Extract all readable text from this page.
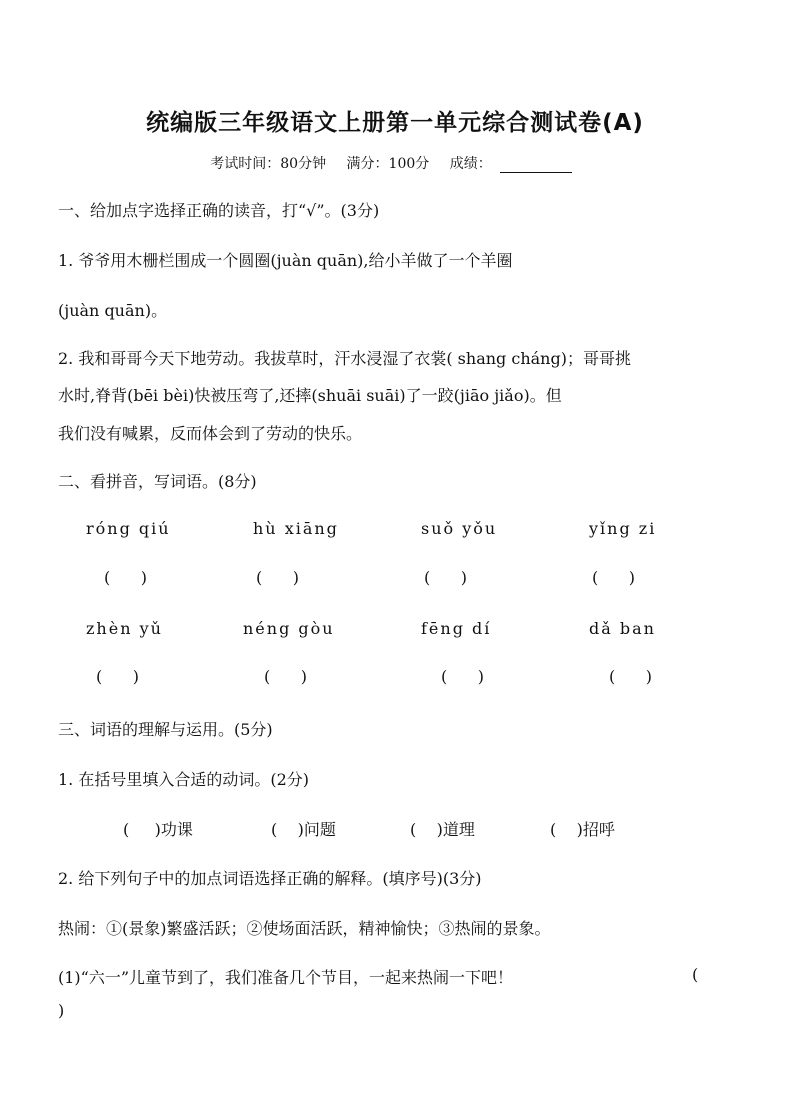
统编版三年级语文上册第一单元综合测试卷(A)
考试时间：80分钟 满分：100分 成绩：
一、给加点字选择正确的读音，打“√”。(3分)
1. 爷爷用木栅栏围成一个圆圈(juàn quān),给小羊做了一个羊圈
(juàn quān)。
2. 我和哥哥今天下地劳动。我拔草时，汗水浸湿了衣裳( shang cháng)；哥哥挑
水时,脊背(bēi bèi)快被压弯了,还摔(shuāi suāi)了一跤(jiāo jiǎo)。但
我们没有喊累，反而体会到了劳动的快乐。
二、看拼音，写词语。(8分)
róng qiú	hù xiāng	suǒ yǒu	yǐng zi
(      )	(      )	(      )	(      )
zhèn yǔ	néng gòu	fēng dí	dǎ ban
(      )	(      )	(      )	(      )
三、词语的理解与运用。(5分)
1. 在括号里填入合适的动词。(2分)
(     )功课	(    )问题	(    )道理	(    )招呼
2. 给下列句子中的加点词语选择正确的解释。(填序号)(3分)
热闹：①(景象)繁盛活跃；②使场面活跃，精神愉快；③热闹的景象。
(1)“六一”儿童节到了，我们准备几个节目，一起来热闹一下吧！	(
)
